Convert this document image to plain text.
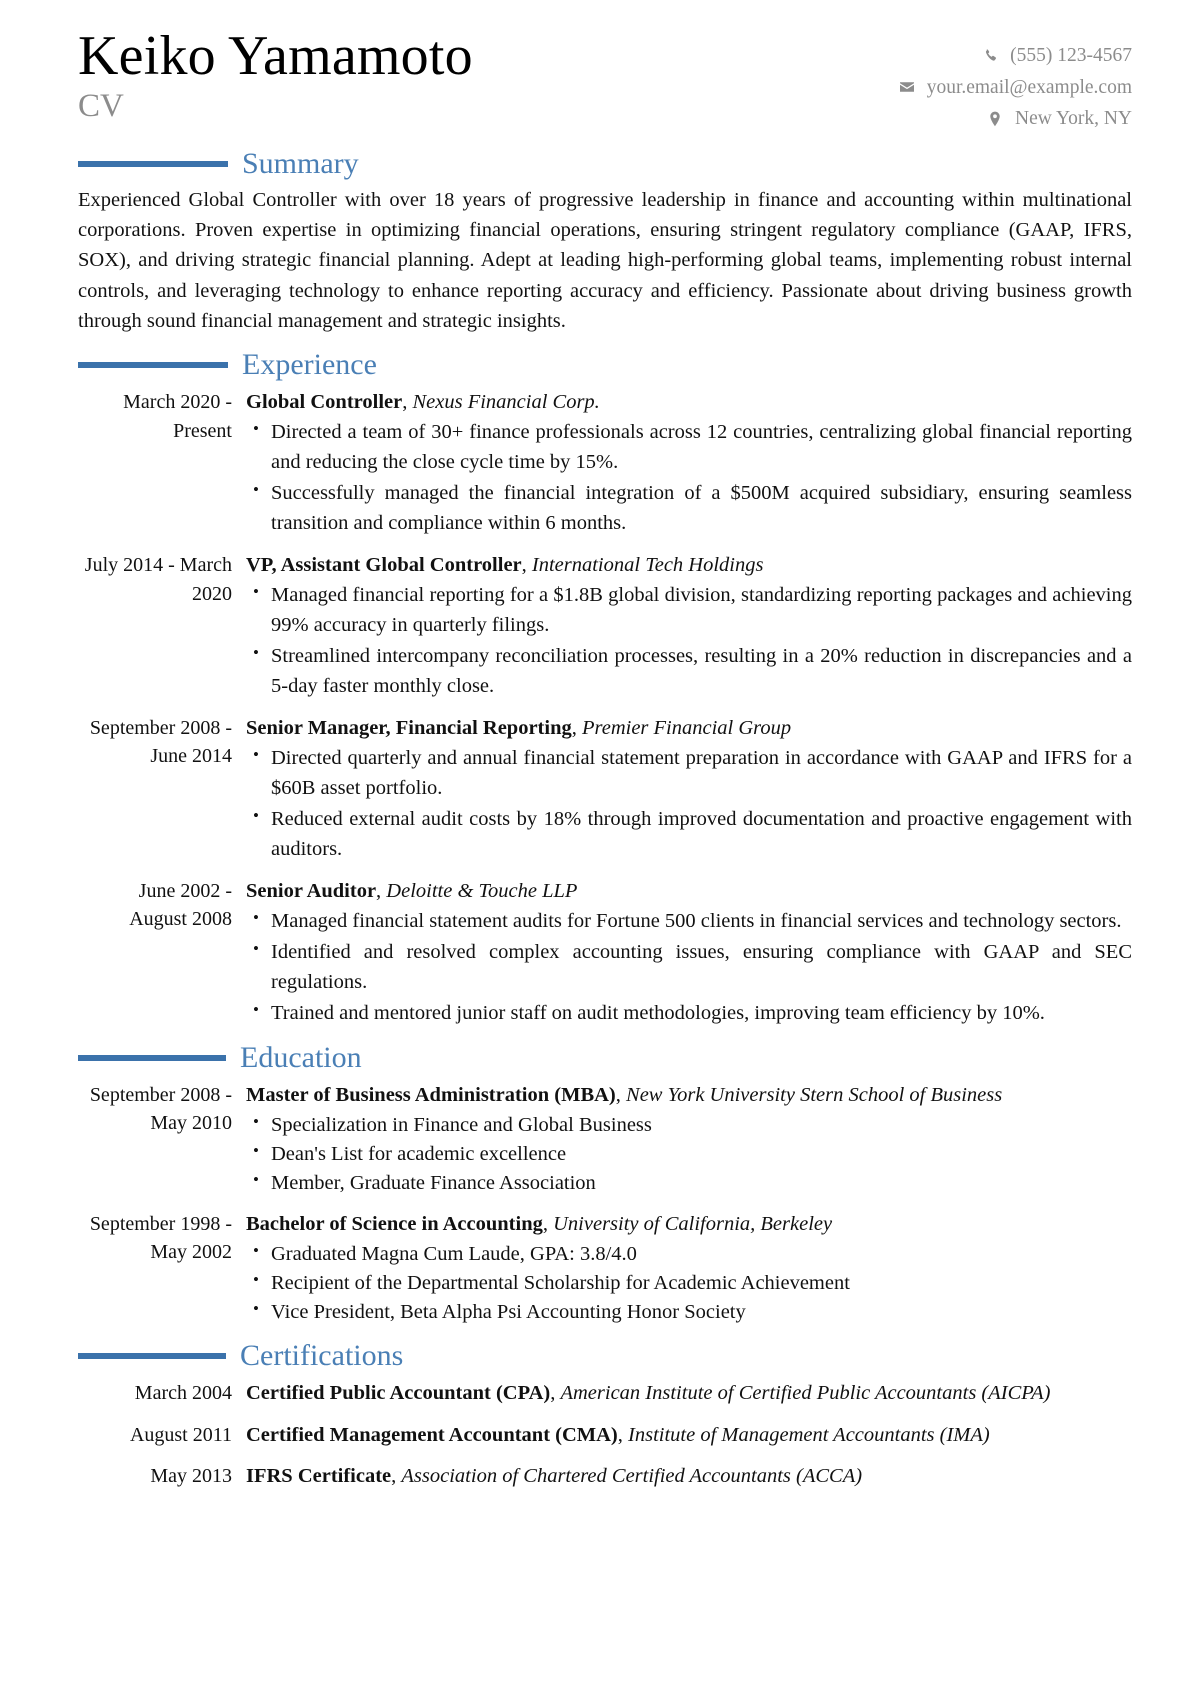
Keiko Yamamoto
CV
(555) 123-4567
your.email@example.com
New York, NY
Summary
Experienced Global Controller with over 18 years of progressive leadership in finance and accounting within multinational corporations. Proven expertise in optimizing financial operations, ensuring stringent regulatory compliance (GAAP, IFRS, SOX), and driving strategic financial planning. Adept at leading high-performing global teams, implementing robust internal controls, and leveraging technology to enhance reporting accuracy and efficiency. Passionate about driving business growth through sound financial management and strategic insights.
Experience
March 2020 - Present
Global Controller, Nexus Financial Corp.
• Directed a team of 30+ finance professionals across 12 countries, centralizing global financial reporting and reducing the close cycle time by 15%.
• Successfully managed the financial integration of a $500M acquired subsidiary, ensuring seamless transition and compliance within 6 months.
July 2014 - March 2020
VP, Assistant Global Controller, International Tech Holdings
• Managed financial reporting for a $1.8B global division, standardizing reporting packages and achieving 99% accuracy in quarterly filings.
• Streamlined intercompany reconciliation processes, resulting in a 20% reduction in discrepancies and a 5-day faster monthly close.
September 2008 - June 2014
Senior Manager, Financial Reporting, Premier Financial Group
• Directed quarterly and annual financial statement preparation in accordance with GAAP and IFRS for a $60B asset portfolio.
• Reduced external audit costs by 18% through improved documentation and proactive engagement with auditors.
June 2002 - August 2008
Senior Auditor, Deloitte & Touche LLP
• Managed financial statement audits for Fortune 500 clients in financial services and technology sectors.
• Identified and resolved complex accounting issues, ensuring compliance with GAAP and SEC regulations.
• Trained and mentored junior staff on audit methodologies, improving team efficiency by 10%.
Education
September 2008 - May 2010
Master of Business Administration (MBA), New York University Stern School of Business
• Specialization in Finance and Global Business
• Dean's List for academic excellence
• Member, Graduate Finance Association
September 1998 - May 2002
Bachelor of Science in Accounting, University of California, Berkeley
• Graduated Magna Cum Laude, GPA: 3.8/4.0
• Recipient of the Departmental Scholarship for Academic Achievement
• Vice President, Beta Alpha Psi Accounting Honor Society
Certifications
March 2004 Certified Public Accountant (CPA), American Institute of Certified Public Accountants (AICPA)
August 2011 Certified Management Accountant (CMA), Institute of Management Accountants (IMA)
May 2013 IFRS Certificate, Association of Chartered Certified Accountants (ACCA)
